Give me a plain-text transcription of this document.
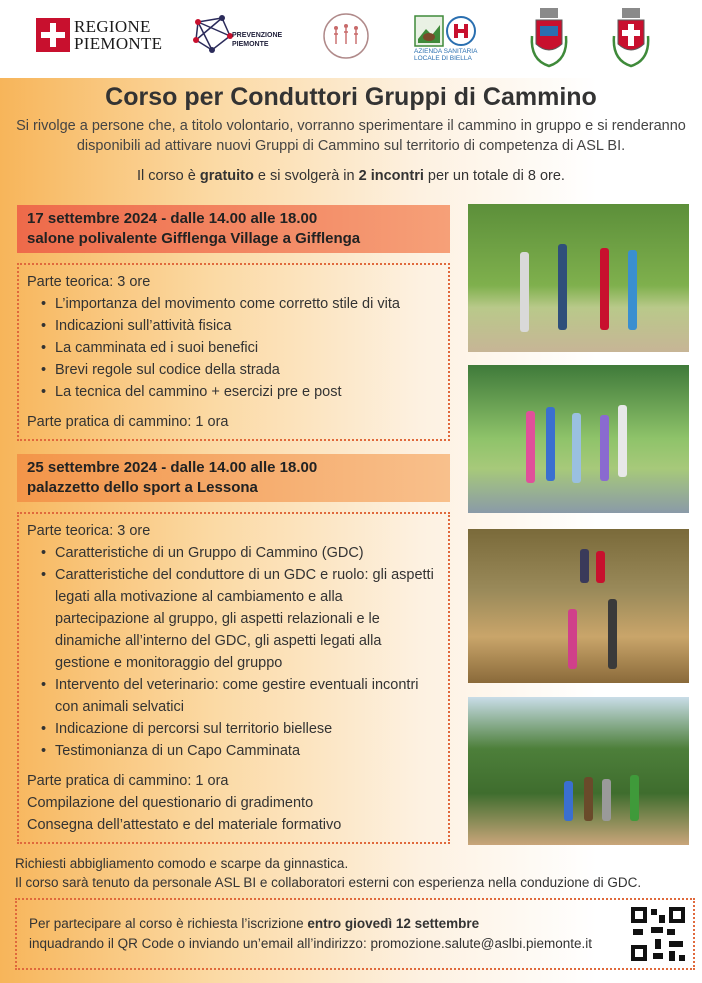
REGIONE
PIEMONTE	PREVENZIONE
PIEMONTE
AZIENDA SANITARIA
LOCALE DI BIELLA
Corso per Conduttori Gruppi di Cammino

Si rivolge a persone che, a titolo volontario, vorranno sperimentare il cammino in gruppo e si renderanno disponibili ad attivare nuovi Gruppi di Cammino sul territorio di competenza di ASL BI.

Il corso è gratuito e si svolgerà in 2 incontri per un totale di 8 ore.

17 settembre 2024 - dalle 14.00 alle 18.00
salone polivalente Gifflenga Village a Gifflenga
Parte teorica: 3 ore
• L’importanza del movimento come corretto stile di vita
• Indicazioni sull’attività fisica
• La camminata ed i suoi benefici
• Brevi regole sul codice della strada
• La tecnica del cammino + esercizi pre e post
Parte pratica di cammino: 1 ora
25 settembre 2024 - dalle 14.00 alle 18.00
palazzetto dello sport a Lessona
Parte teorica: 3 ore
• Caratteristiche di un Gruppo di Cammino (GDC)
• Caratteristiche del conduttore di un GDC e ruolo: gli aspetti legati alla motivazione al cambiamento e alla partecipazione al gruppo, gli aspetti relazionali e le dinamiche all’interno del GDC, gli aspetti legati alla gestione e monitoraggio del gruppo
• Intervento del veterinario: come gestire eventuali incontri con animali selvatici
• Indicazione di percorsi sul territorio biellese
• Testimonianza di un Capo Camminata
Parte pratica di cammino: 1 ora
Compilazione del questionario di gradimento
Consegna dell’attestato e del materiale formativo
Richiesti abbigliamento comodo e scarpe da ginnastica.
Il corso sarà tenuto da personale ASL BI e collaboratori esterni con esperienza nella conduzione di GDC.
Per partecipare al corso è richiesta l’iscrizione entro giovedì 12 settembre
inquadrando il QR Code o inviando un’email all’indirizzo: promozione.salute@aslbi.piemonte.it
